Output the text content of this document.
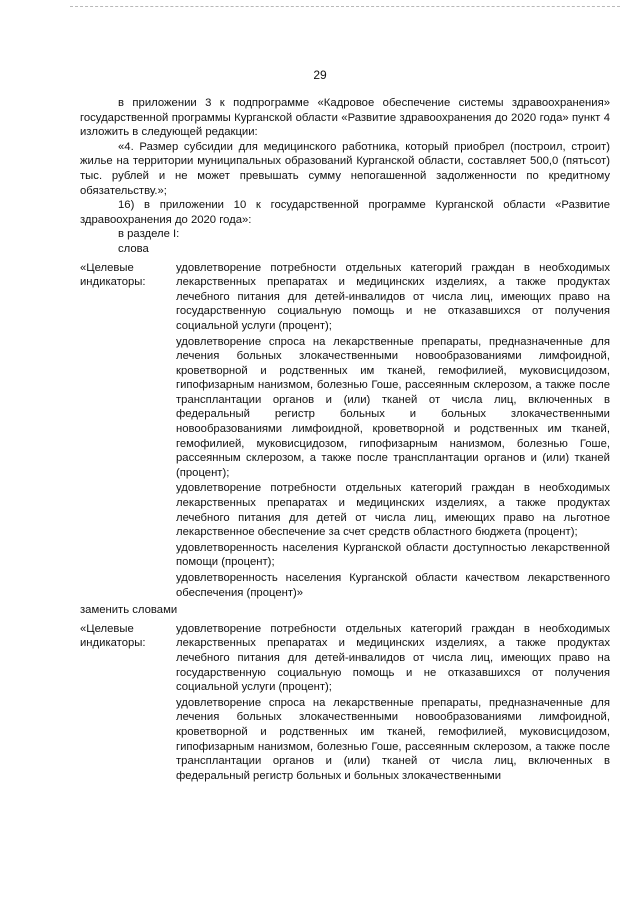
29

в приложении 3 к подпрограмме «Кадровое обеспечение системы здравоохранения» государственной программы Курганской области «Развитие здравоохранения до 2020 года» пункт 4 изложить в следующей редакции:

«4. Размер субсидии для медицинского работника, который приобрел (построил, строит) жилье на территории муниципальных образований Курганской области, составляет 500,0 (пятьсот) тыс. рублей и не может превышать сумму непогашенной задолженности по кредитному обязательству.»;

16) в приложении 10 к государственной программе Курганской области «Развитие здравоохранения до 2020 года»:

в разделе I:

слова

«Целевые индикаторы:

удовлетворение потребности отдельных категорий граждан в необходимых лекарственных препаратах и медицинских изделиях, а также продуктах лечебного питания для детей-инвалидов от числа лиц, имеющих право на государственную социальную помощь и не отказавшихся от получения социальной услуги (процент);

удовлетворение спроса на лекарственные препараты, предназначенные для лечения больных злокачественными новообразованиями лимфоидной, кроветворной и родственных им тканей, гемофилией, муковисцидозом, гипофизарным нанизмом, болезнью Гоше, рассеянным склерозом, а также после трансплантации органов и (или) тканей от числа лиц, включенных в федеральный регистр больных и больных злокачественными новообразованиями лимфоидной, кроветворной и родственных им тканей, гемофилией, муковисцидозом, гипофизарным нанизмом, болезнью Гоше, рассеянным склерозом, а также после трансплантации органов и (или) тканей (процент);

удовлетворение потребности отдельных категорий граждан в необходимых лекарственных препаратах и медицинских изделиях, а также продуктах лечебного питания для детей от числа лиц, имеющих право на льготное лекарственное обеспечение за счет средств областного бюджета (процент);

удовлетворенность населения Курганской области доступностью лекарственной помощи (процент);

удовлетворенность населения Курганской области качеством лекарственного обеспечения (процент)»

заменить словами

«Целевые индикаторы:

удовлетворение потребности отдельных категорий граждан в необходимых лекарственных препаратах и медицинских изделиях, а также продуктах лечебного питания для детей-инвалидов от числа лиц, имеющих право на государственную социальную помощь и не отказавшихся от получения социальной услуги (процент);

удовлетворение спроса на лекарственные препараты, предназначенные для лечения больных злокачественными новообразованиями лимфоидной, кроветворной и родственных им тканей, гемофилией, муковисцидозом, гипофизарным нанизмом, болезнью Гоше, рассеянным склерозом, а также после трансплантации органов и (или) тканей от числа лиц, включенных в федеральный регистр больных и больных злокачественными
